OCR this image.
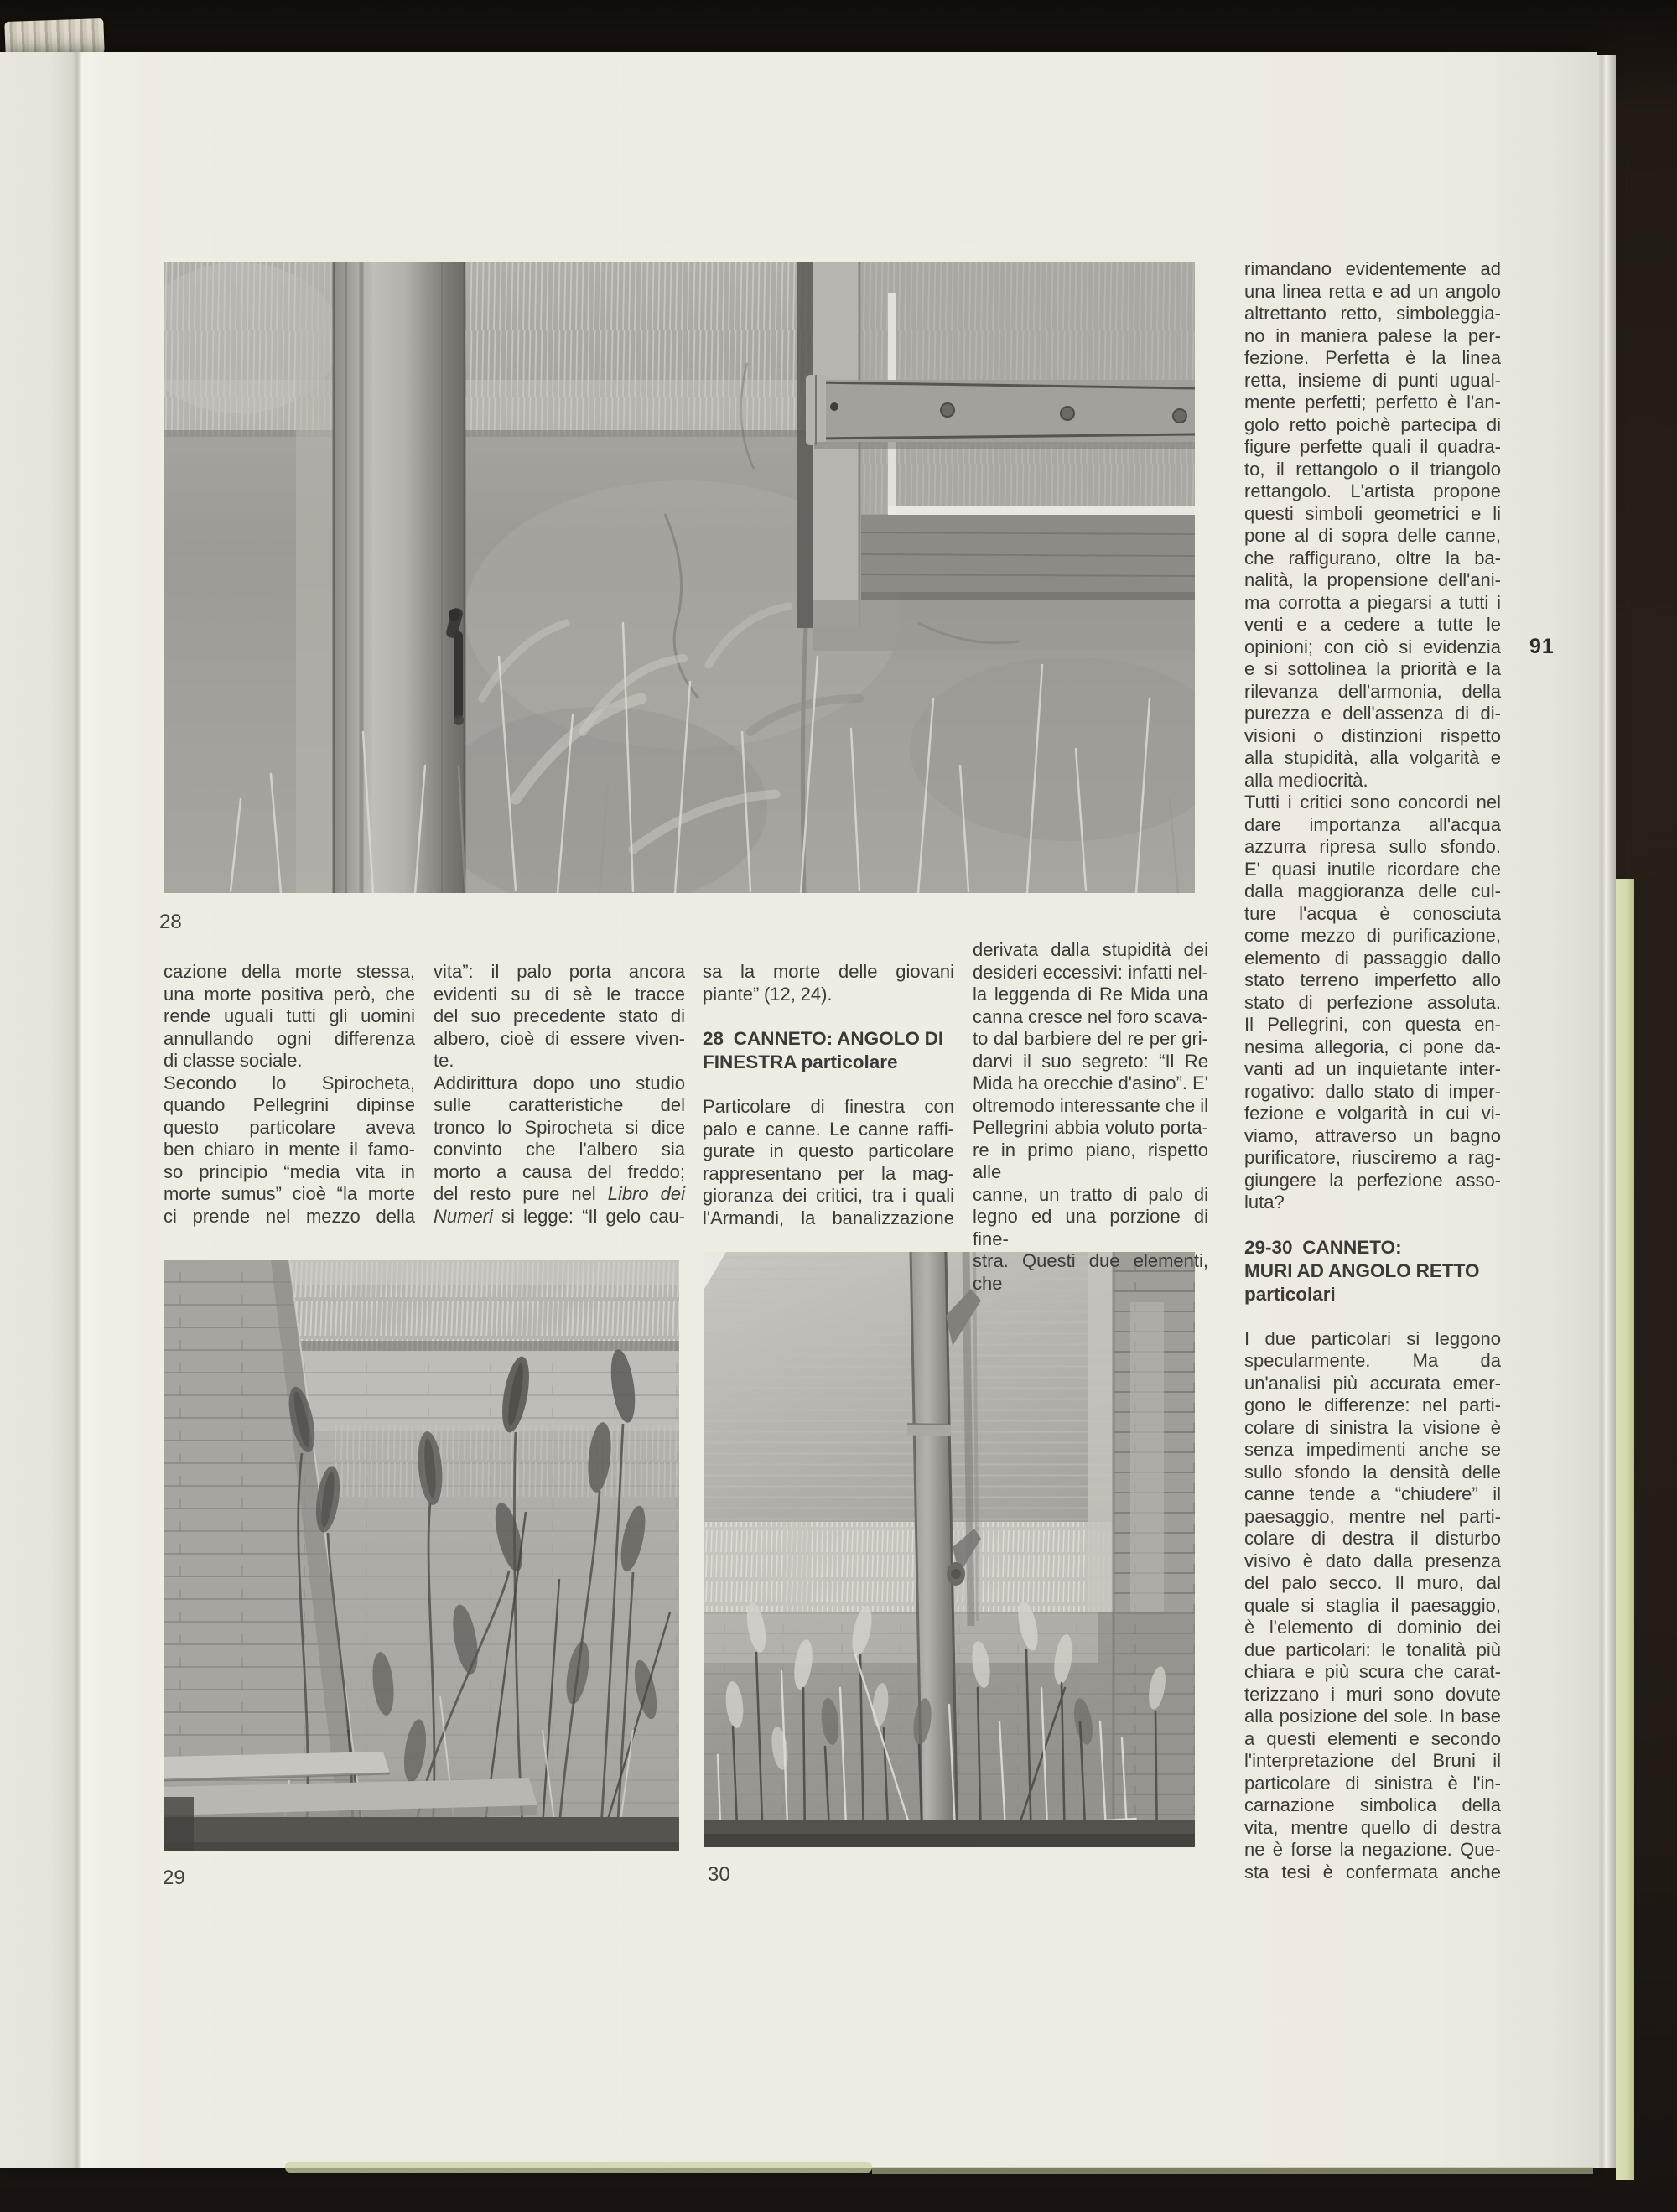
28
29	30
91
cazione della morte stessa,
una morte positiva però, che
rende uguali tutti gli uomini
annullando ogni differenza
di classe sociale.
Secondo lo Spirocheta,
quando Pellegrini dipinse
questo particolare aveva
ben chiaro in mente il famo-
so principio “media vita in
morte sumus” cioè “la morte
ci prende nel mezzo della
vita”: il palo porta ancora
evidenti su di sè le tracce
del suo precedente stato di
albero, cioè di essere viven-
te.
Addirittura dopo uno studio
sulle caratteristiche del
tronco lo Spirocheta si dice
convinto che l'albero sia
morto a causa del freddo;
del resto pure nel Libro dei
Numeri si legge: “Il gelo cau-
sa la morte delle giovani
piante” (12, 24).
28  CANNETO: ANGOLO DI
FINESTRA particolare
Particolare di finestra con
palo e canne. Le canne raffi-
gurate in questo particolare
rappresentano per la mag-
gioranza dei critici, tra i quali
l'Armandi, la banalizzazione
derivata dalla stupidità dei
desideri eccessivi: infatti nel-
la leggenda di Re Mida una
canna cresce nel foro scava-
to dal barbiere del re per gri-
darvi il suo segreto: “Il Re
Mida ha orecchie d'asino”. E'
oltremodo interessante che il
Pellegrini abbia voluto porta-
re in primo piano, rispetto alle
canne, un tratto di palo di
legno ed una porzione di fine-
stra. Questi due elementi, che
rimandano evidentemente ad
una linea retta e ad un angolo
altrettanto retto, simboleggia-
no in maniera palese la per-
fezione. Perfetta è la linea
retta, insieme di punti ugual-
mente perfetti; perfetto è l'an-
golo retto poichè partecipa di
figure perfette quali il quadra-
to, il rettangolo o il triangolo
rettangolo. L'artista propone
questi simboli geometrici e li
pone al di sopra delle canne,
che raffigurano, oltre la ba-
nalità, la propensione dell'ani-
ma corrotta a piegarsi a tutti i
venti e a cedere a tutte le
opinioni; con ciò si evidenzia
e si sottolinea la priorità e la
rilevanza dell'armonia, della
purezza e dell'assenza di di-
visioni o distinzioni rispetto
alla stupidità, alla volgarità e
alla mediocrità.
Tutti i critici sono concordi nel
dare importanza all'acqua
azzurra ripresa sullo sfondo.
E' quasi inutile ricordare che
dalla maggioranza delle cul-
ture l'acqua è conosciuta
come mezzo di purificazione,
elemento di passaggio dallo
stato terreno imperfetto allo
stato di perfezione assoluta.
Il Pellegrini, con questa en-
nesima allegoria, ci pone da-
vanti ad un inquietante inter-
rogativo: dallo stato di imper-
fezione e volgarità in cui vi-
viamo, attraverso un bagno
purificatore, riusciremo a rag-
giungere la perfezione asso-
luta?
29-30  CANNETO:
MURI AD ANGOLO RETTO
particolari
I due particolari si leggono
specularmente. Ma da
un'analisi più accurata emer-
gono le differenze: nel parti-
colare di sinistra la visione è
senza impedimenti anche se
sullo sfondo la densità delle
canne tende a “chiudere” il
paesaggio, mentre nel parti-
colare di destra il disturbo
visivo è dato dalla presenza
del palo secco. Il muro, dal
quale si staglia il paesaggio,
è l'elemento di dominio dei
due particolari: le tonalità più
chiara e più scura che carat-
terizzano i muri sono dovute
alla posizione del sole. In base
a questi elementi e secondo
l'interpretazione del Bruni il
particolare di sinistra è l'in-
carnazione simbolica della
vita, mentre quello di destra
ne è forse la negazione. Que-
sta tesi è confermata anche
